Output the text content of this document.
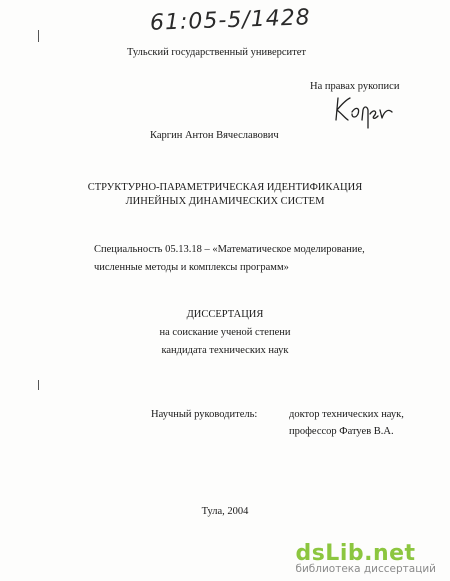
61:05-5/1428
Тульский государственный университет
На правах рукописи
Каргин Антон Вячеславович
СТРУКТУРНО-ПАРАМЕТРИЧЕСКАЯ ИДЕНТИФИКАЦИЯ
ЛИНЕЙНЫХ ДИНАМИЧЕСКИХ СИСТЕМ
Специальность 05.13.18 – «Математическое моделирование,
численные методы и комплексы программ»
ДИССЕРТАЦИЯ
на соискание ученой степени
кандидата технических наук
Научный руководитель:	доктор технических наук,
профессор Фатуев В.А.
Тула, 2004
dsLib.net
библиотека диссертаций
